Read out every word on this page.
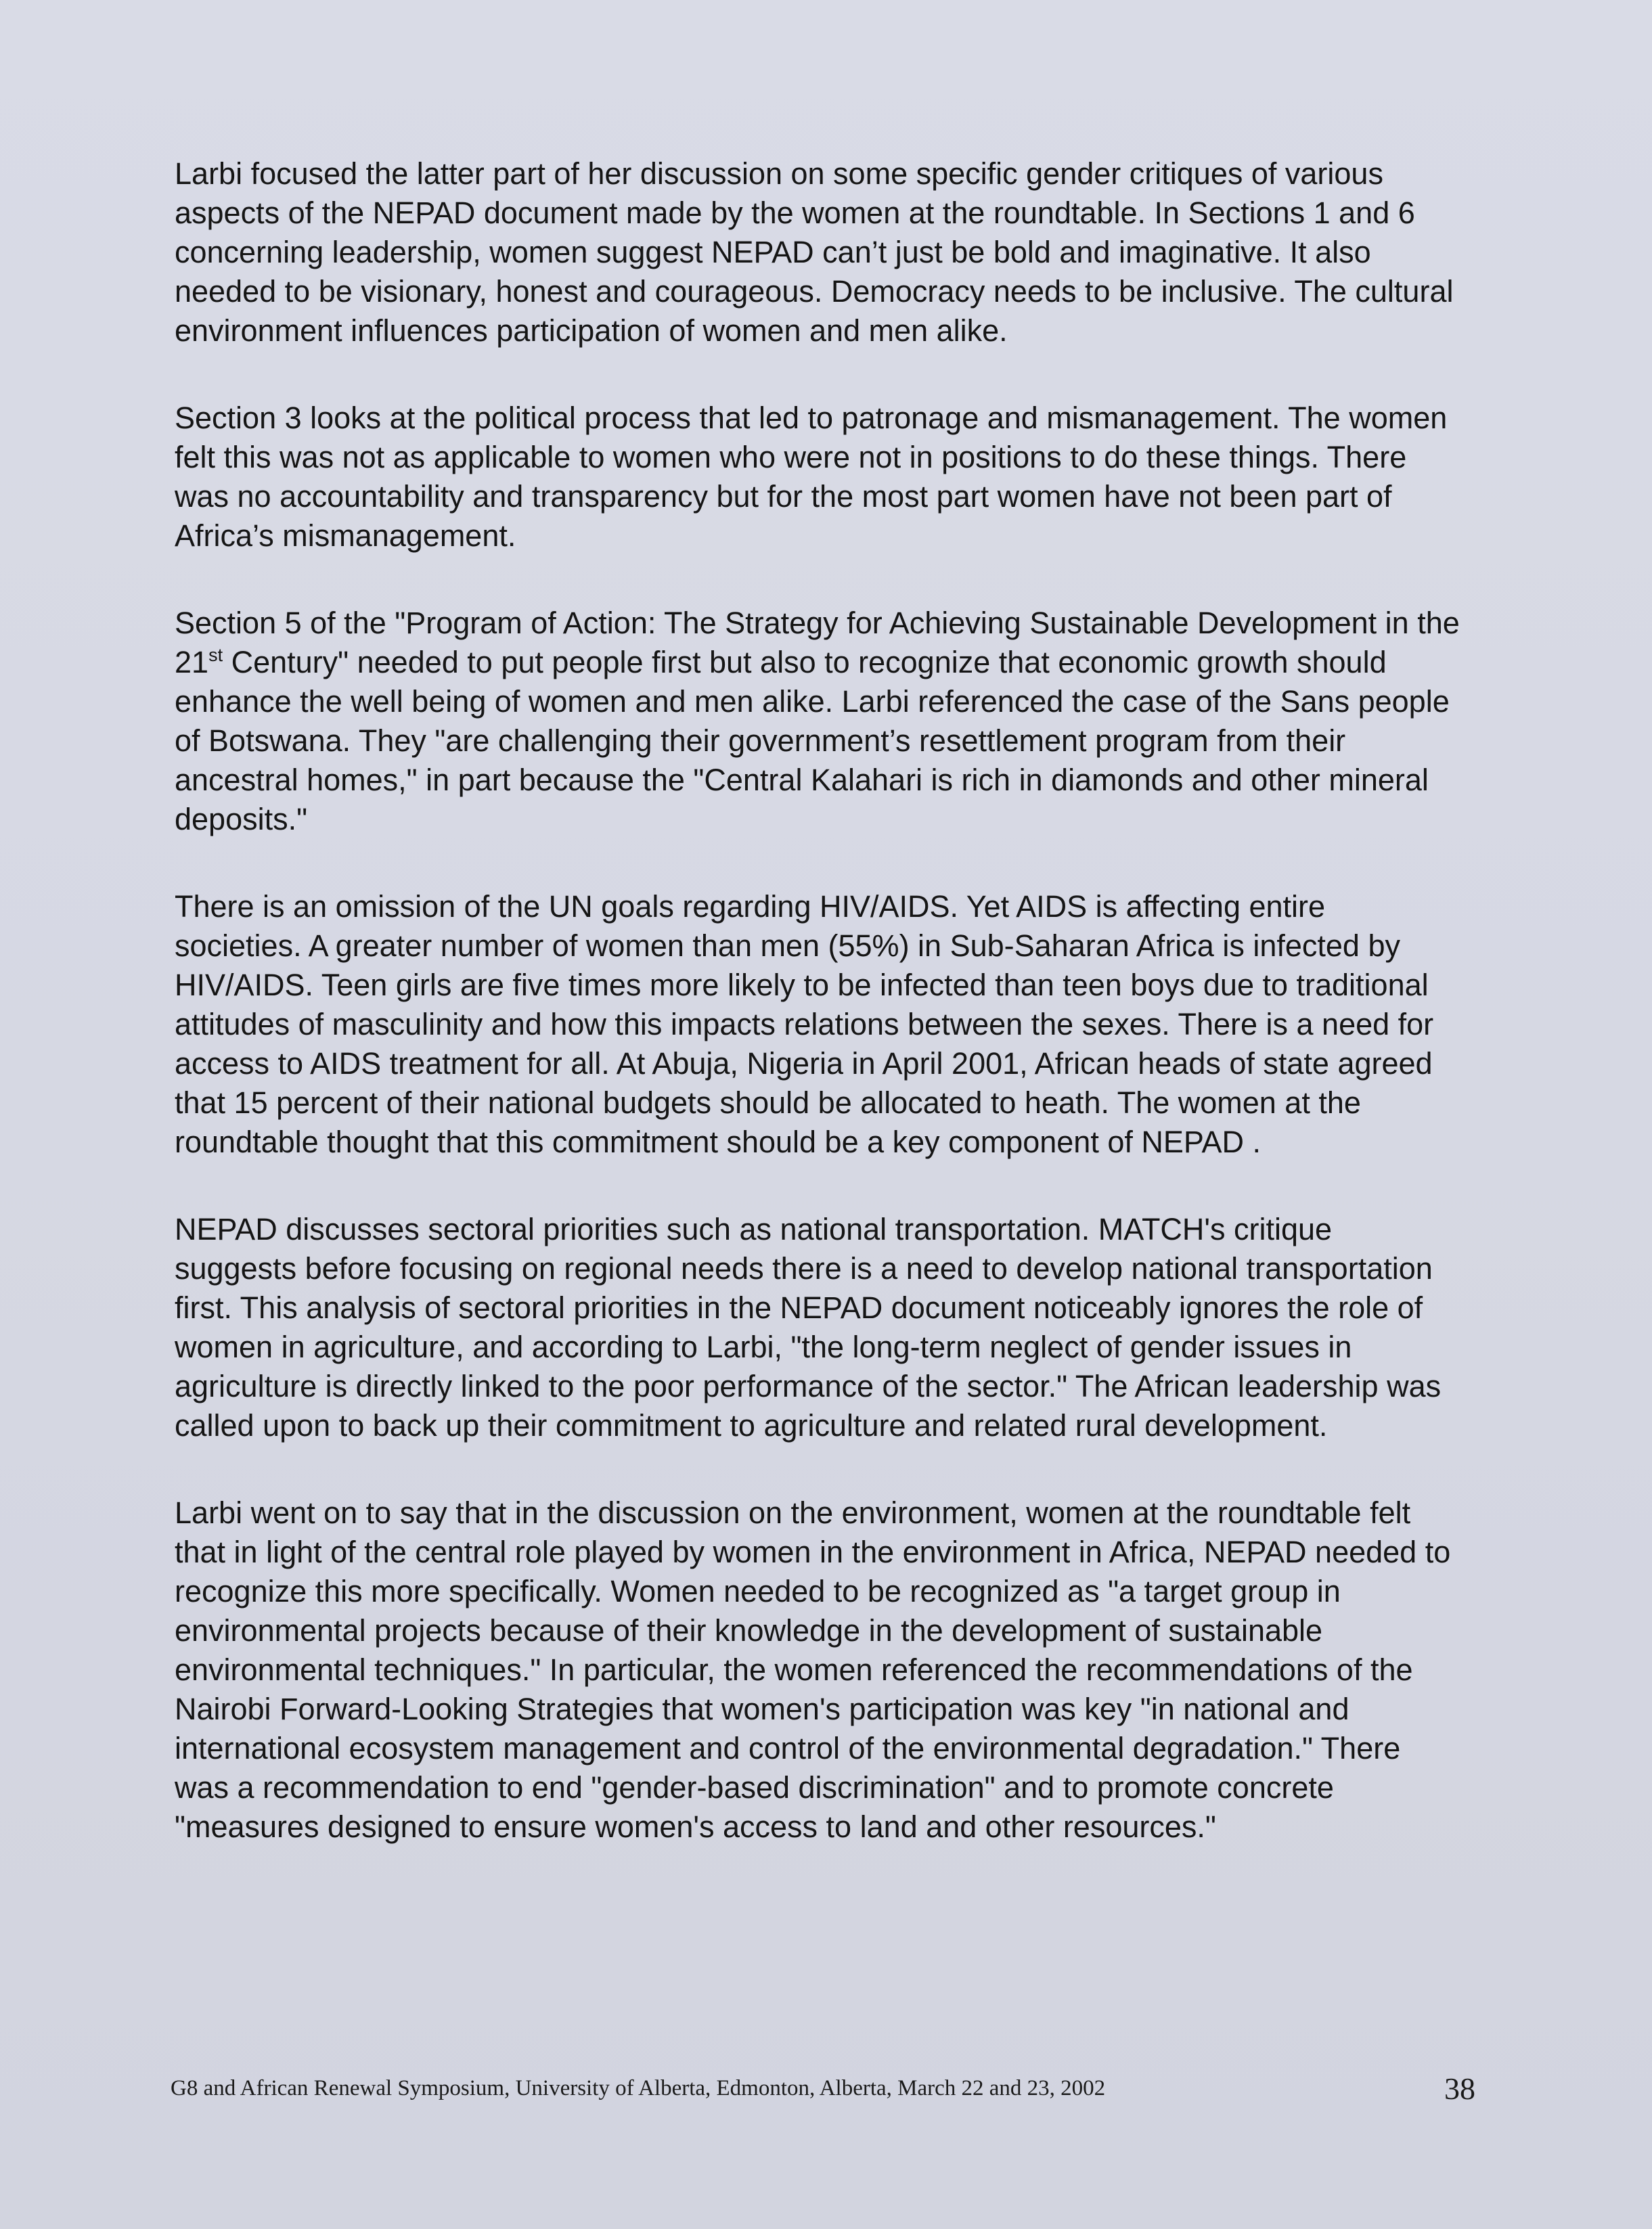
Larbi focused the latter part of her discussion on some specific gender critiques of various aspects of the NEPAD document made by the women at the roundtable. In Sections 1 and 6 concerning leadership, women suggest NEPAD can’t just be bold and imaginative. It also needed to be visionary, honest and courageous. Democracy needs to be inclusive. The cultural environment influences participation of women and men alike.

Section 3 looks at the political process that led to patronage and mismanagement. The women felt this was not as applicable to women who were not in positions to do these things. There was no accountability and transparency but for the most part women have not been part of Africa’s mismanagement.

Section 5 of the "Program of Action: The Strategy for Achieving Sustainable Development in the 21st Century" needed to put people first but also to recognize that economic growth should enhance the well being of women and men alike. Larbi referenced the case of the Sans people of Botswana. They "are challenging their government’s resettlement program from their ancestral homes," in part because the "Central Kalahari is rich in diamonds and other mineral deposits."

There is an omission of the UN goals regarding HIV/AIDS. Yet AIDS is affecting entire societies. A greater number of women than men (55%) in Sub-Saharan Africa is infected by HIV/AIDS. Teen girls are five times more likely to be infected than teen boys due to traditional attitudes of masculinity and how this impacts relations between the sexes. There is a need for access to AIDS treatment for all. At Abuja, Nigeria in April 2001, African heads of state agreed that 15 percent of their national budgets should be allocated to heath. The women at the roundtable thought that this commitment should be a key component of NEPAD .

NEPAD discusses sectoral priorities such as national transportation. MATCH's critique suggests before focusing on regional needs there is a need to develop national transportation first. This analysis of sectoral priorities in the NEPAD document noticeably ignores the role of women in agriculture, and according to Larbi, "the long-term neglect of gender issues in agriculture is directly linked to the poor performance of the sector." The African leadership was called upon to back up their commitment to agriculture and related rural development.

Larbi went on to say that in the discussion on the environment, women at the roundtable felt that in light of the central role played by women in the environment in Africa, NEPAD needed to recognize this more specifically. Women needed to be recognized as "a target group in environmental projects because of their knowledge in the development of sustainable environmental techniques." In particular, the women referenced the recommendations of the Nairobi Forward-Looking Strategies that women's participation was key "in national and international ecosystem management and control of the environmental degradation." There was a recommendation to end "gender-based discrimination" and to promote concrete "measures designed to ensure women's access to land and other resources."

G8 and African Renewal Symposium, University of Alberta, Edmonton, Alberta, March 22 and 23, 2002	38
